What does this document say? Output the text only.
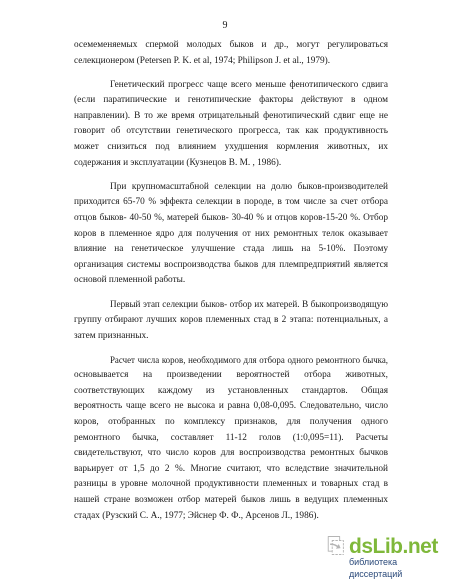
9
осемеменяемых спермой молодых быков и др., могут регулироваться
селекционером (Petersen P. K. et al, 1974; Philipson J. et al., 1979).
Генетический прогресс чаще всего меньше фенотипического сдвига
(если паратипические и генотипические факторы действуют в одном
направлении). В то же время отрицательный фенотипический сдвиг еще не
говорит об отсутствии генетического прогресса, так как продуктивность
может снизиться под влиянием ухудшения кормления животных, их
содержания и эксплуатации (Кузнецов В. М. , 1986).
При крупномасштабной селекции на долю быков-производителей
приходится 65-70 % эффекта селекции в породе, в том числе за счет отбора
отцов быков- 40-50 %, матерей быков- 30-40 % и отцов коров-15-20 %. Отбор
коров в племенное ядро для получения от них ремонтных телок оказывает
влияние на генетическое улучшение стада лишь на 5-10%. Поэтому
организация системы воспроизводства быков для племпредприятий является
основой племенной работы.
Первый этап селекции быков- отбор их матерей. В быкопроизводящую
группу отбирают лучших коров племенных стад в 2 этапа: потенциальных, а
затем признанных.
Расчет числа коров, необходимого для отбора одного ремонтного бычка,
основывается на произведении вероятностей отбора животных,
соответствующих каждому из установленных стандартов. Общая
вероятность чаще всего не высока и равна 0,08-0,095. Следовательно, число
коров, отобранных по комплексу признаков, для получения одного
ремонтного бычка, составляет 11-12 голов (1:0,095=11). Расчеты
свидетельствуют, что число коров для воспроизводства ремонтных бычков
варьирует от 1,5 до 2 %. Многие считают, что вследствие значительной
разницы в уровне молочной продуктивности племенных и товарных стад в
нашей стране возможен отбор матерей быков лишь в ведущих племенных
стадах (Рузский С. А., 1977; Эйснер Ф. Ф., Арсенов Л., 1986).
⎘ dsLib.net
библиотека диссертаций
